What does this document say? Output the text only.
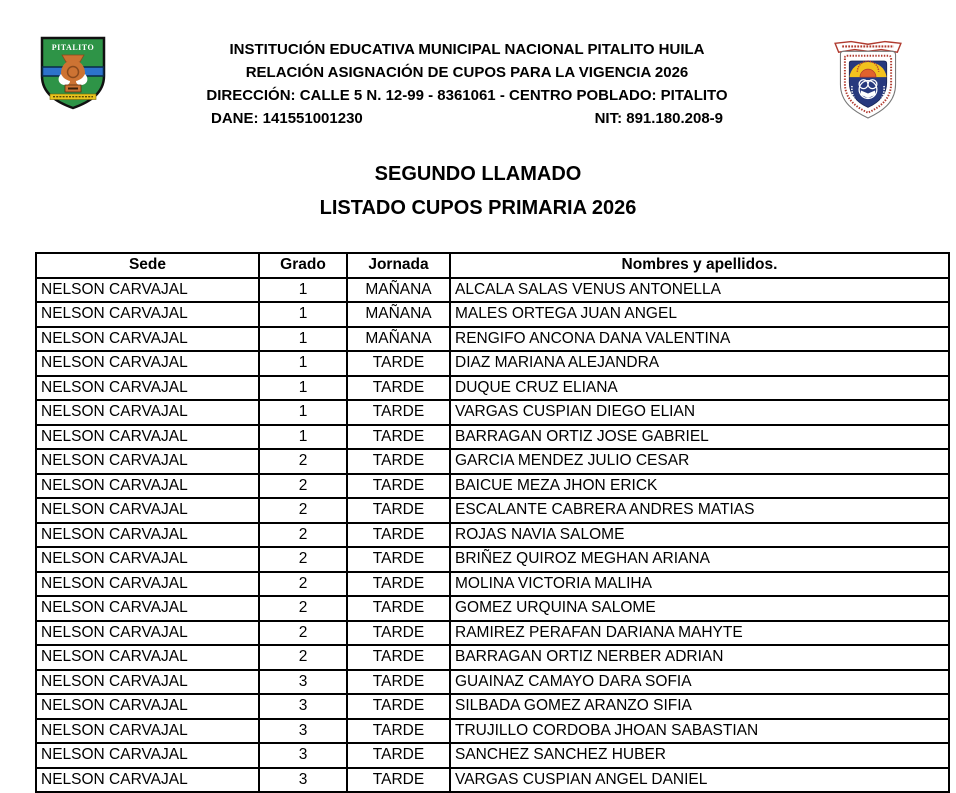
PITALITO	INSTITUCIÓN EDUCATIVA MUNICIPAL NACIONAL PITALITO HUILA
RELACIÓN ASIGNACIÓN DE CUPOS PARA LA VIGENCIA 2026
DIRECCIÓN: CALLE 5 N. 12-99 - 8361061 - CENTRO POBLADO: PITALITO
DANE: 141551001230	NIT: 891.180.208-9
SEGUNDO LLAMADO
LISTADO CUPOS PRIMARIA 2026
Sede	Grado	Jornada	Nombres y apellidos.
NELSON CARVAJAL	1	MAÑANA	ALCALA SALAS VENUS ANTONELLA
NELSON CARVAJAL	1	MAÑANA	MALES ORTEGA JUAN ANGEL
NELSON CARVAJAL	1	MAÑANA	RENGIFO ANCONA DANA VALENTINA
NELSON CARVAJAL	1	TARDE	DIAZ MARIANA ALEJANDRA
NELSON CARVAJAL	1	TARDE	DUQUE CRUZ ELIANA
NELSON CARVAJAL	1	TARDE	VARGAS CUSPIAN DIEGO ELIAN
NELSON CARVAJAL	1	TARDE	BARRAGAN ORTIZ JOSE GABRIEL
NELSON CARVAJAL	2	TARDE	GARCIA MENDEZ JULIO CESAR
NELSON CARVAJAL	2	TARDE	BAICUE MEZA JHON ERICK
NELSON CARVAJAL	2	TARDE	ESCALANTE CABRERA ANDRES MATIAS
NELSON CARVAJAL	2	TARDE	ROJAS NAVIA SALOME
NELSON CARVAJAL	2	TARDE	BRIÑEZ QUIROZ MEGHAN ARIANA
NELSON CARVAJAL	2	TARDE	MOLINA VICTORIA MALIHA
NELSON CARVAJAL	2	TARDE	GOMEZ URQUINA SALOME
NELSON CARVAJAL	2	TARDE	RAMIREZ PERAFAN DARIANA MAHYTE
NELSON CARVAJAL	2	TARDE	BARRAGAN ORTIZ NERBER ADRIAN
NELSON CARVAJAL	3	TARDE	GUAINAZ CAMAYO DARA SOFIA
NELSON CARVAJAL	3	TARDE	SILBADA GOMEZ ARANZO SIFIA
NELSON CARVAJAL	3	TARDE	TRUJILLO CORDOBA JHOAN SABASTIAN
NELSON CARVAJAL	3	TARDE	SANCHEZ SANCHEZ HUBER
NELSON CARVAJAL	3	TARDE	VARGAS CUSPIAN ANGEL DANIEL
